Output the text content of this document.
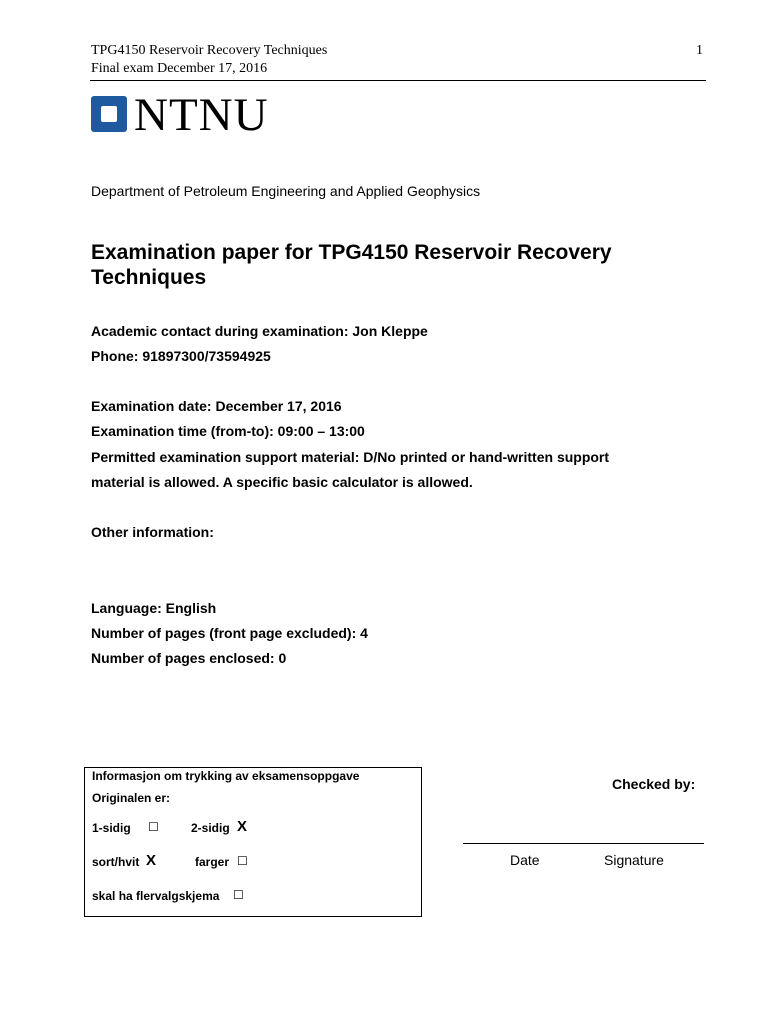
TPG4150 Reservoir Recovery Techniques
Final exam December 17, 2016
1
NTNU
Department of Petroleum Engineering and Applied Geophysics
Examination paper for TPG4150 Reservoir Recovery
Techniques
Academic contact during examination: Jon Kleppe
Phone: 91897300/73594925
Examination date: December 17, 2016
Examination time (from-to): 09:00 – 13:00
Permitted examination support material: D/No printed or hand-written support
material is allowed. A specific basic calculator is allowed.
Other information:
Language: English
Number of pages (front page excluded): 4
Number of pages enclosed: 0
Informasjon om trykking av eksamensoppgave
Originalen er:
1-sidig ☐	2-sidig X
sort/hvit X	farger ☐
skal ha flervalgskjema ☐
Checked by:
Date	Signature
